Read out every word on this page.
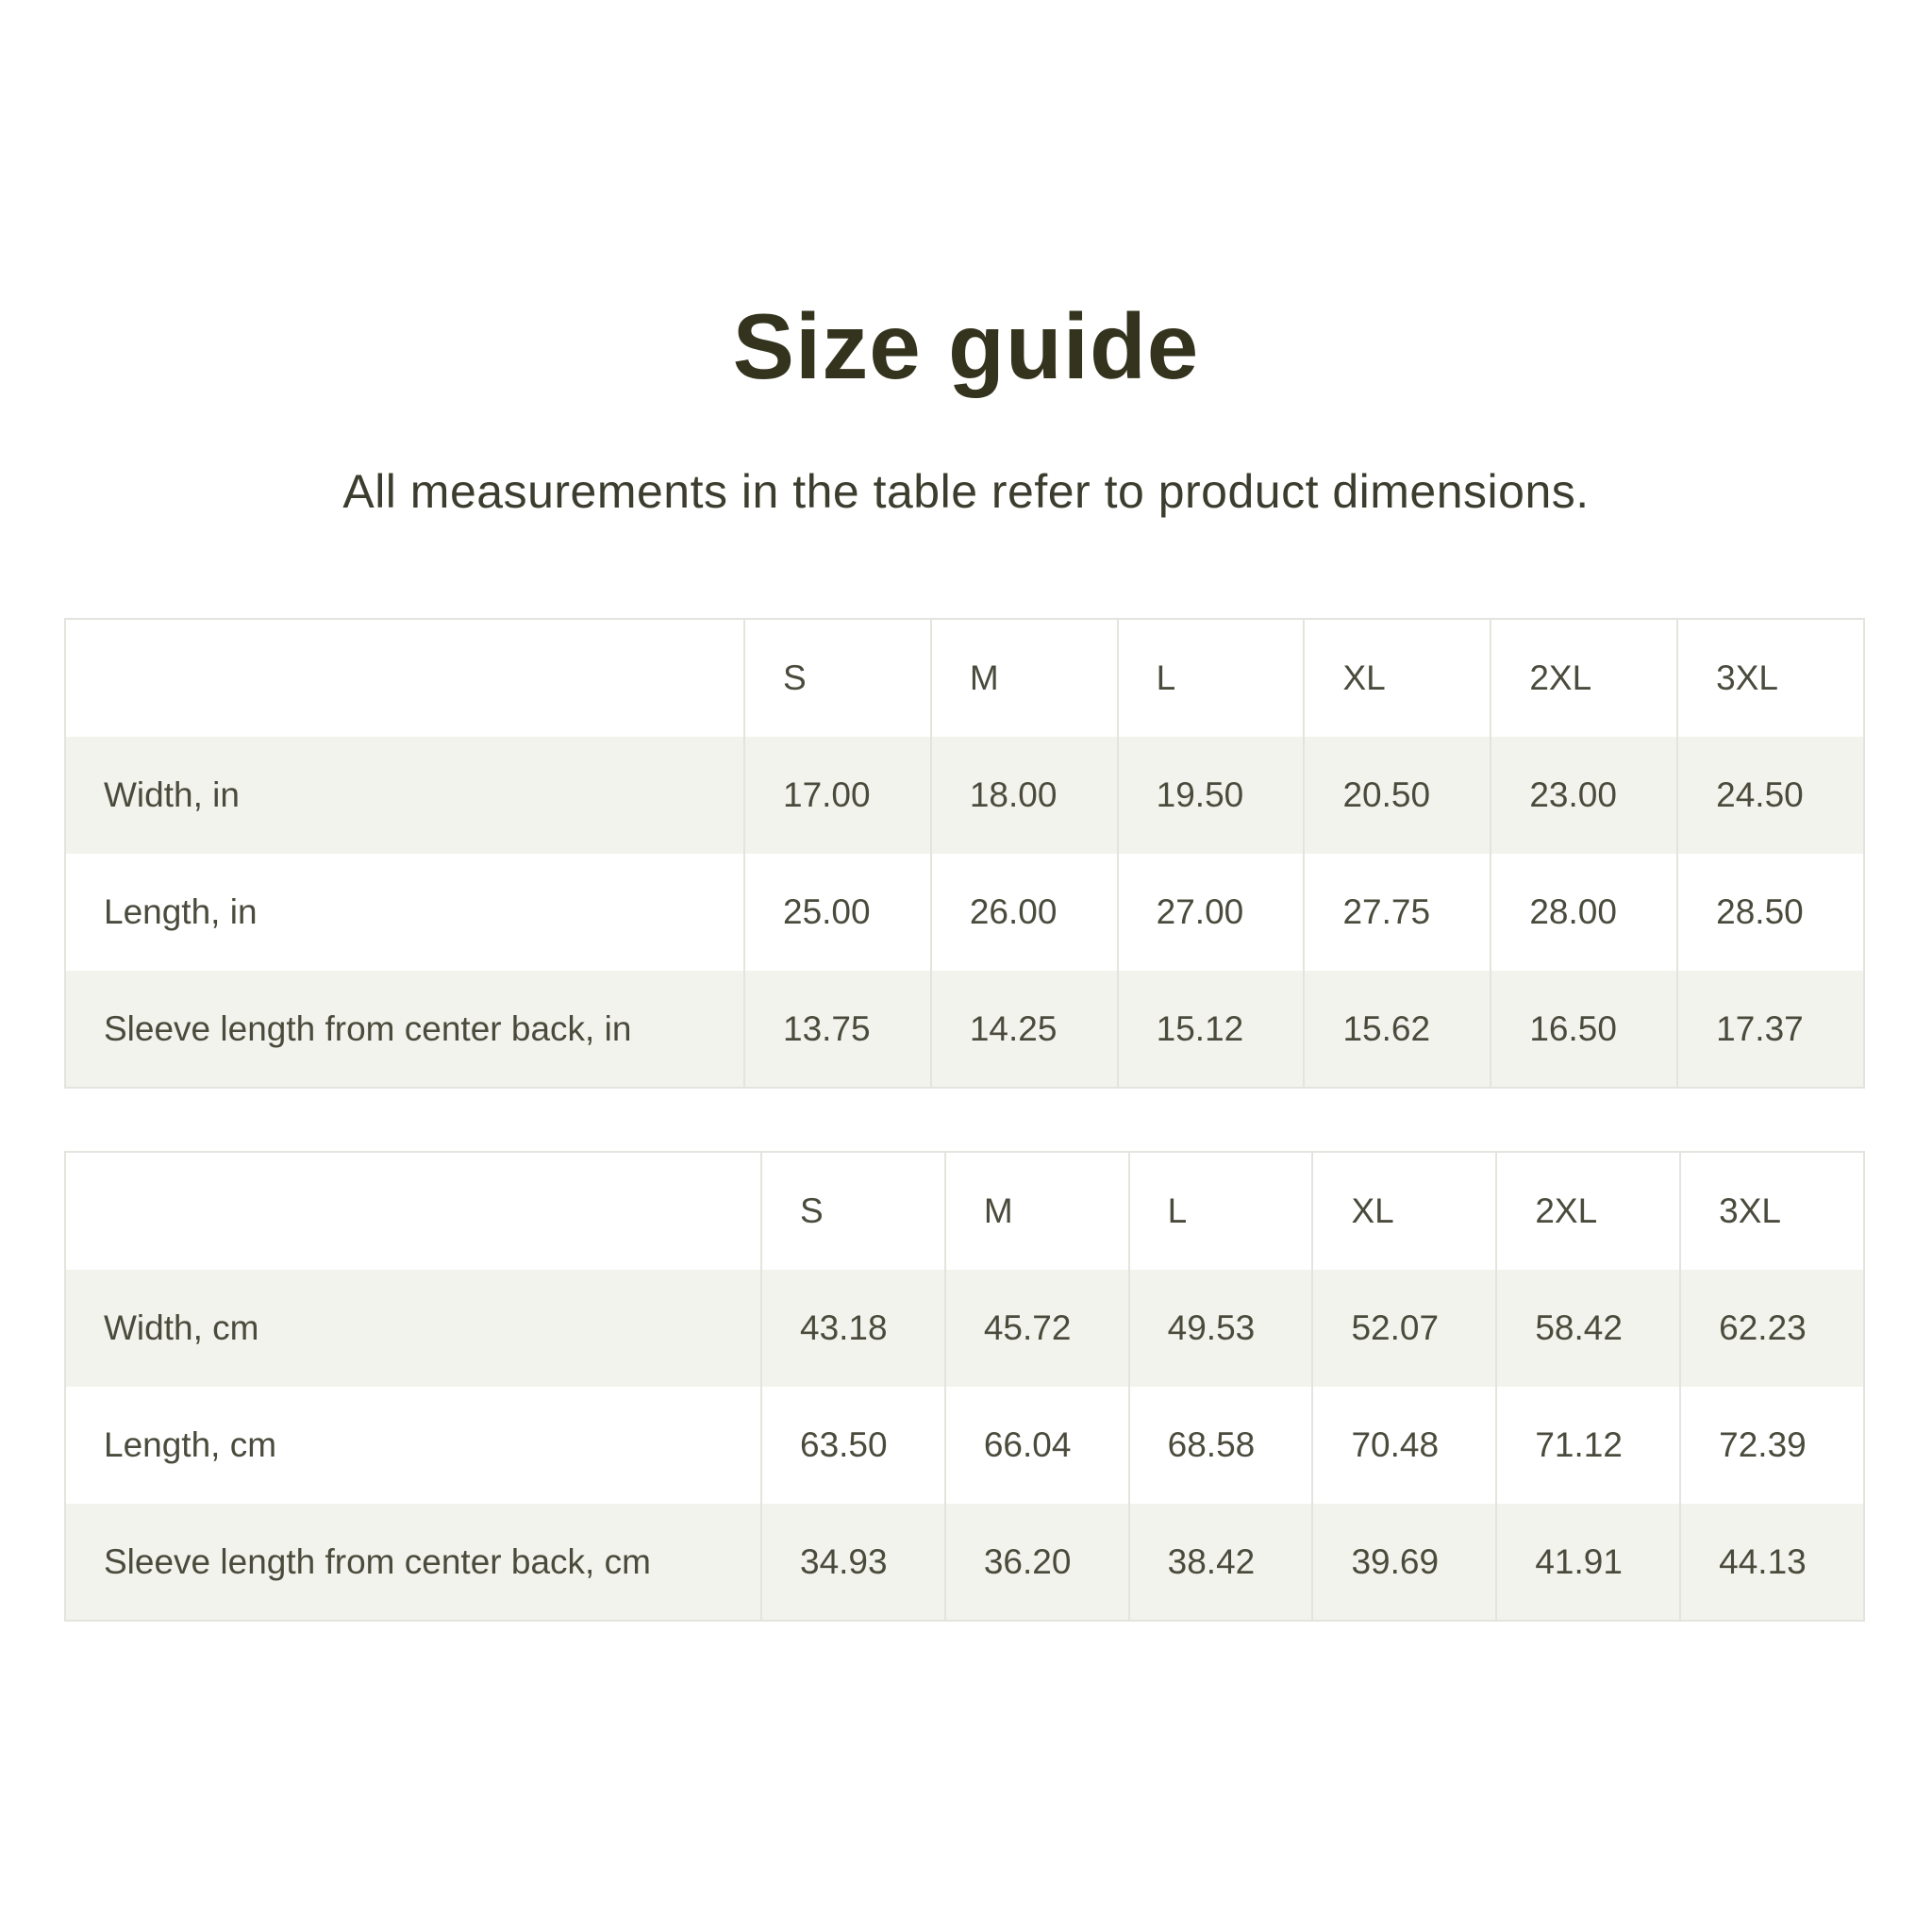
Size guide

All measurements in the table refer to product dimensions.

	S	M	L	XL	2XL	3XL
Width, in	17.00	18.00	19.50	20.50	23.00	24.50
Length, in	25.00	26.00	27.00	27.75	28.00	28.50
Sleeve length from center back, in	13.75	14.25	15.12	15.62	16.50	17.37
	S	M	L	XL	2XL	3XL
Width, cm	43.18	45.72	49.53	52.07	58.42	62.23
Length, cm	63.50	66.04	68.58	70.48	71.12	72.39
Sleeve length from center back, cm	34.93	36.20	38.42	39.69	41.91	44.13
